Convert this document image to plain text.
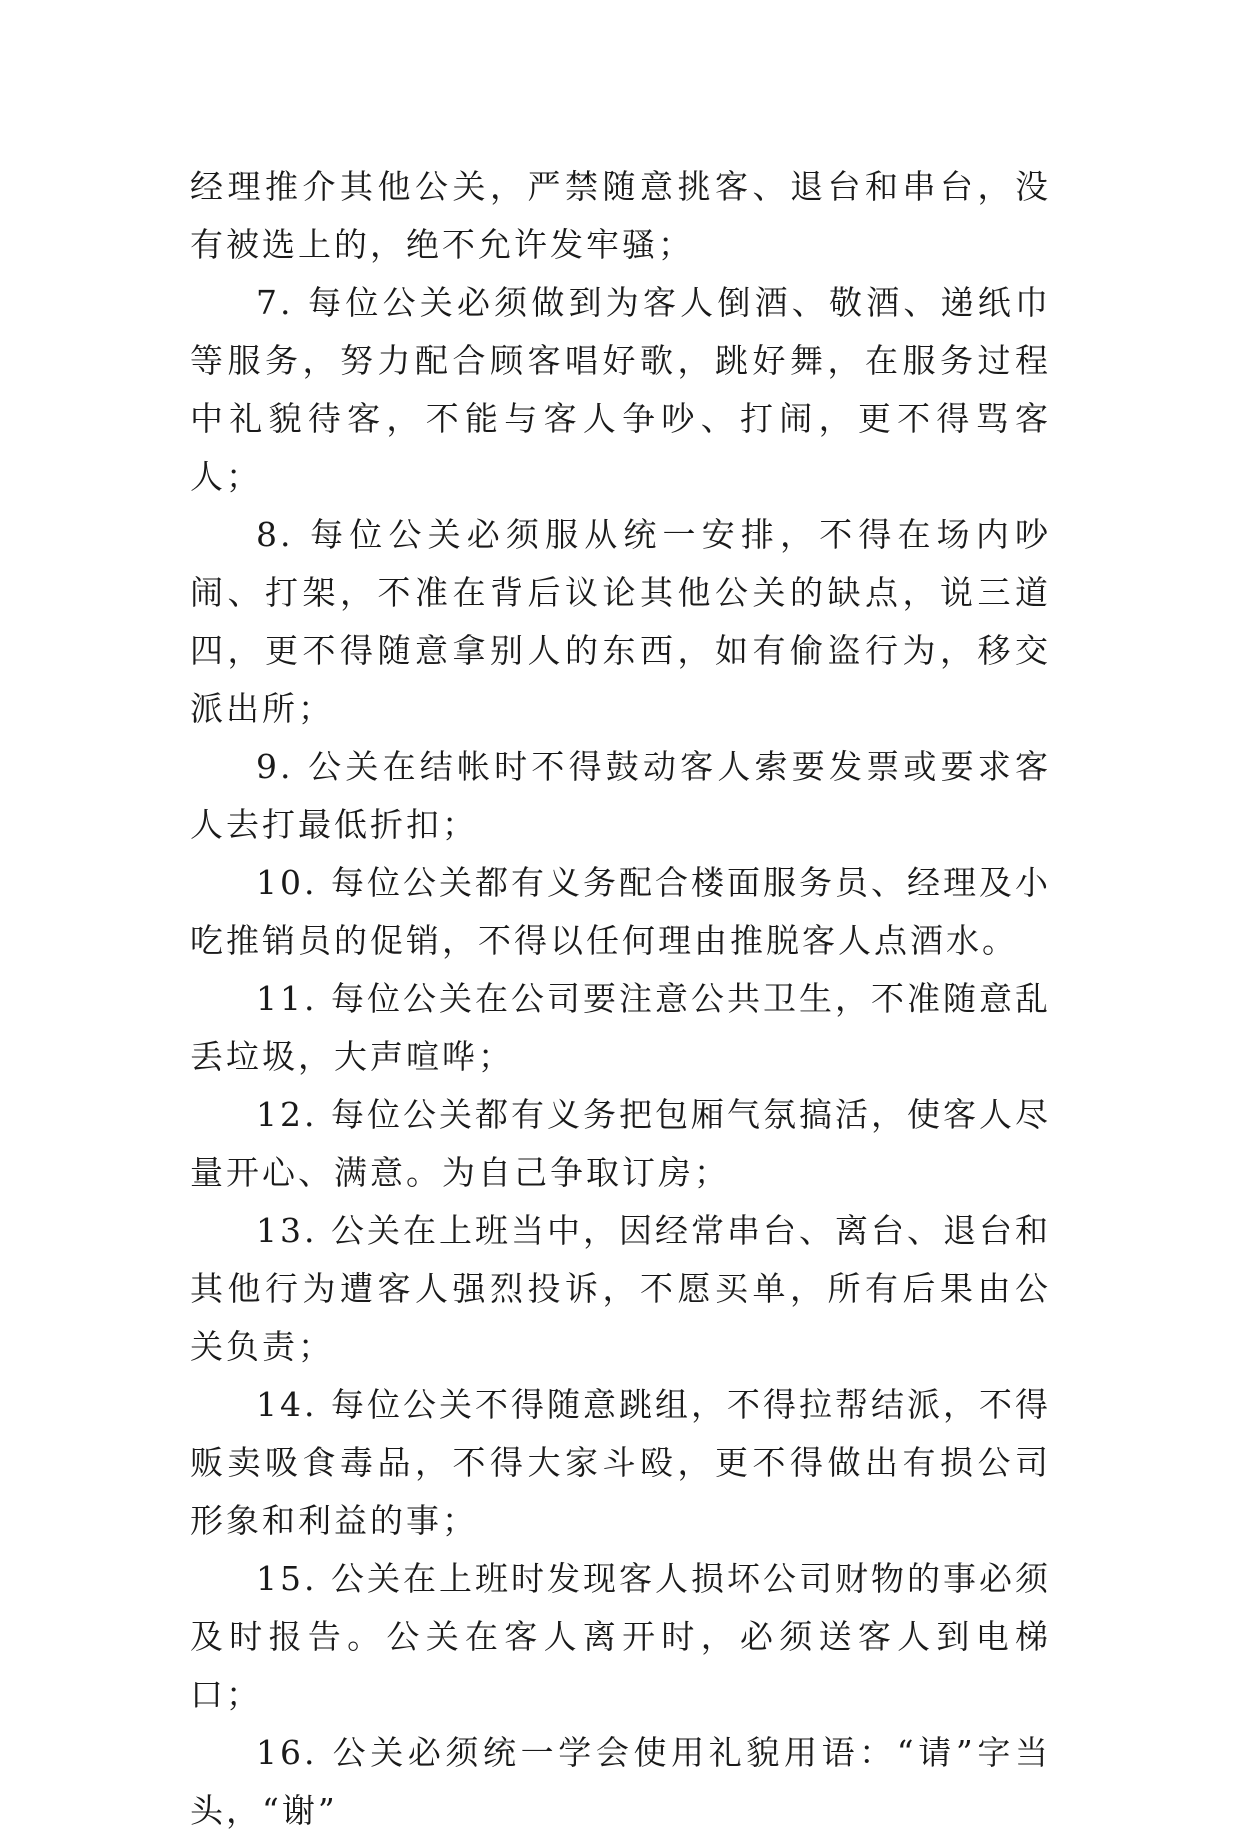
经理推介其他公关，严禁随意挑客、退台和串台，没有被选上的，绝不允许发牢骚；

7. 每位公关必须做到为客人倒酒、敬酒、递纸巾等服务，努力配合顾客唱好歌，跳好舞，在服务过程中礼貌待客，不能与客人争吵、打闹，更不得骂客人；

8. 每位公关必须服从统一安排，不得在场内吵闹、打架，不准在背后议论其他公关的缺点，说三道四，更不得随意拿别人的东西，如有偷盗行为，移交派出所；

9. 公关在结帐时不得鼓动客人索要发票或要求客人去打最低折扣；

10. 每位公关都有义务配合楼面服务员、经理及小吃推销员的促销，不得以任何理由推脱客人点酒水。

11. 每位公关在公司要注意公共卫生，不准随意乱丢垃圾，大声喧哗；

12. 每位公关都有义务把包厢气氛搞活，使客人尽量开心、满意。为自己争取订房；

13. 公关在上班当中，因经常串台、离台、退台和其他行为遭客人强烈投诉，不愿买单，所有后果由公关负责；

14. 每位公关不得随意跳组，不得拉帮结派，不得贩卖吸食毒品，不得大家斗殴，更不得做出有损公司形象和利益的事；

15. 公关在上班时发现客人损坏公司财物的事必须及时报告。公关在客人离开时，必须送客人到电梯口；

16. 公关必须统一学会使用礼貌用语：“请”字当头，“谢”
